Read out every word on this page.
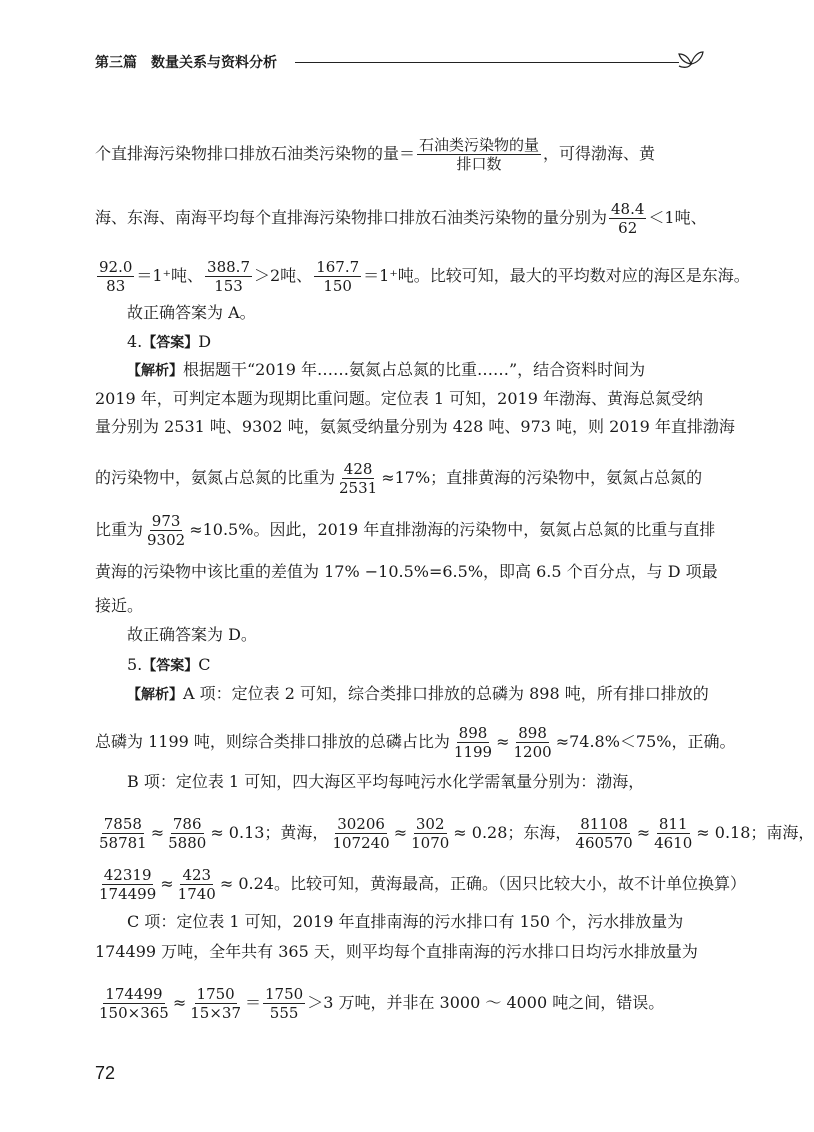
第三篇　数量关系与资料分析
个直排海污染物排口排放石油类污染物的量＝ $\frac{\text{石油类污染物的量}}{\text{排口数}}$ ，可得渤海、黄
海、东海、南海平均每个直排海污染物排口排放石油类污染物的量分别为 $\frac{48.4}{62} <1$吨、
$\frac{92.0}{83} =1^+$吨、 $\frac{388.7}{153} >2$吨、 $\frac{167.7}{150} =1^+$吨。比较可知，最大的平均数对应的海区是东海。
故正确答案为 A。
4.【答案】D
【解析】根据题干“2019 年……氨氮占总氮的比重……”，结合资料时间为
2019 年，可判定本题为现期比重问题。定位表 1 可知，2019 年渤海、黄海总氮受纳
量分别为 2531 吨、9302 吨，氨氮受纳量分别为 428 吨、973 吨，则 2019 年直排渤海
的污染物中，氨氮占总氮的比重为 $\frac{428}{2531} \approx 17\%$；直排黄海的污染物中，氨氮占总氮的
比重为 $\frac{973}{9302} \approx 10.5\%$。因此，2019 年直排渤海的污染物中，氨氮占总氮的比重与直排
黄海的污染物中该比重的差值为 17% −10.5%=6.5%，即高 6.5 个百分点，与 D 项最
接近。
故正确答案为 D。
5.【答案】C
【解析】A 项：定位表 2 可知，综合类排口排放的总磷为 898 吨，所有排口排放的
总磷为 1199 吨，则综合类排口排放的总磷占比为 $\frac{898}{1199} \approx \frac{898}{1200} \approx 74.8\%<75\%$，正确。
B 项：定位表 1 可知，四大海区平均每吨污水化学需氧量分别为：渤海，
$\frac{7858}{58781} \approx \frac{786}{5880} \approx 0.13$；黄海， $\frac{30206}{107240} \approx \frac{302}{1070} \approx 0.28$；东海， $\frac{81108}{460570} \approx \frac{811}{4610} \approx 0.18$；南海，
$\frac{42319}{174499} \approx \frac{423}{1740} \approx 0.24$。比较可知，黄海最高，正确。（因只比较大小，故不计单位换算）
C 项：定位表 1 可知，2019 年直排南海的污水排口有 150 个，污水排放量为
174499 万吨，全年共有 365 天，则平均每个直排南海的污水排口日均污水排放量为
$\frac{174499}{150\times 365} \approx \frac{1750}{15\times 37} = \frac{1750}{555} >3$ 万吨，并非在 3000 ～ 4000 吨之间，错误。
72
